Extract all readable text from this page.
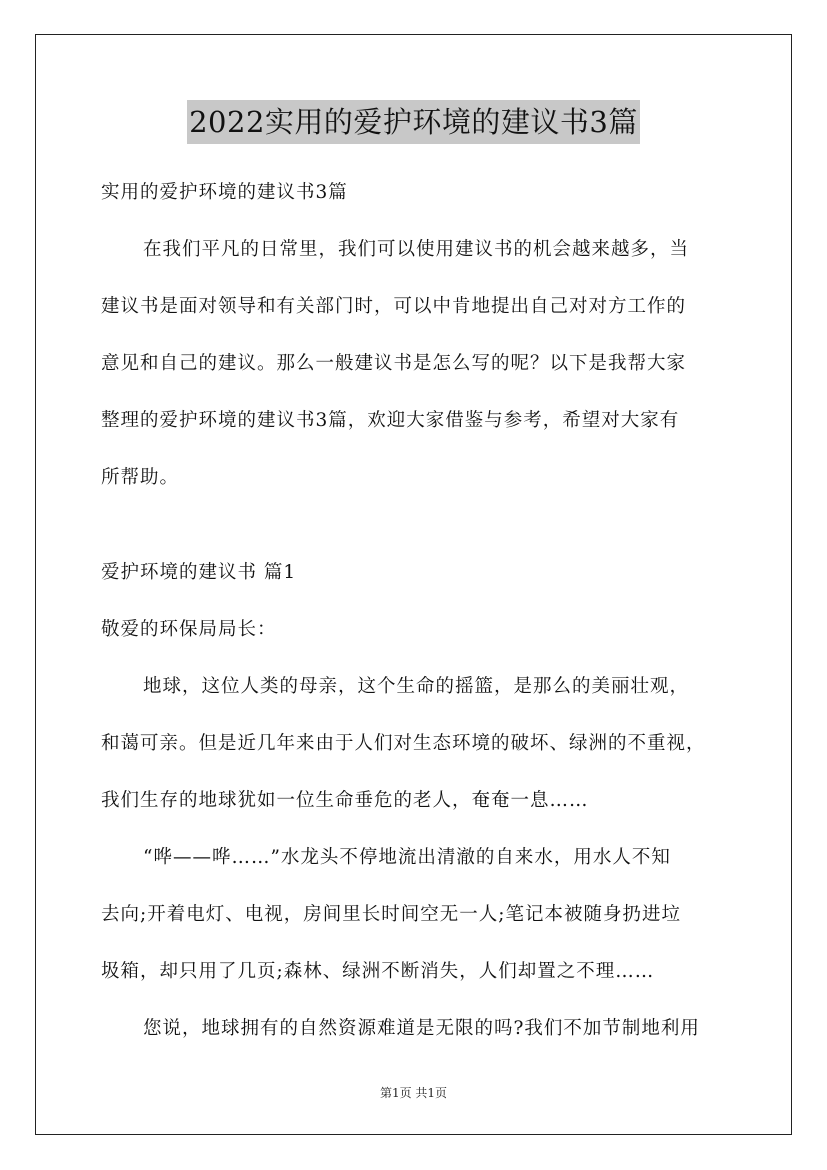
2022实用的爱护环境的建议书3篇
实用的爱护环境的建议书3篇
在我们平凡的日常里，我们可以使用建议书的机会越来越多，当
建议书是面对领导和有关部门时，可以中肯地提出自己对对方工作的
意见和自己的建议。那么一般建议书是怎么写的呢？以下是我帮大家
整理的爱护环境的建议书3篇，欢迎大家借鉴与参考，希望对大家有
所帮助。
爱护环境的建议书 篇1
敬爱的环保局局长：
地球，这位人类的母亲，这个生命的摇篮，是那么的美丽壮观，
和蔼可亲。但是近几年来由于人们对生态环境的破坏、绿洲的不重视，
我们生存的地球犹如一位生命垂危的老人，奄奄一息……
“哗——哗……”水龙头不停地流出清澈的自来水，用水人不知
去向;开着电灯、电视，房间里长时间空无一人;笔记本被随身扔进垃
圾箱，却只用了几页;森林、绿洲不断消失，人们却置之不理……
您说，地球拥有的自然资源难道是无限的吗?我们不加节制地利用
第1页 共1页
